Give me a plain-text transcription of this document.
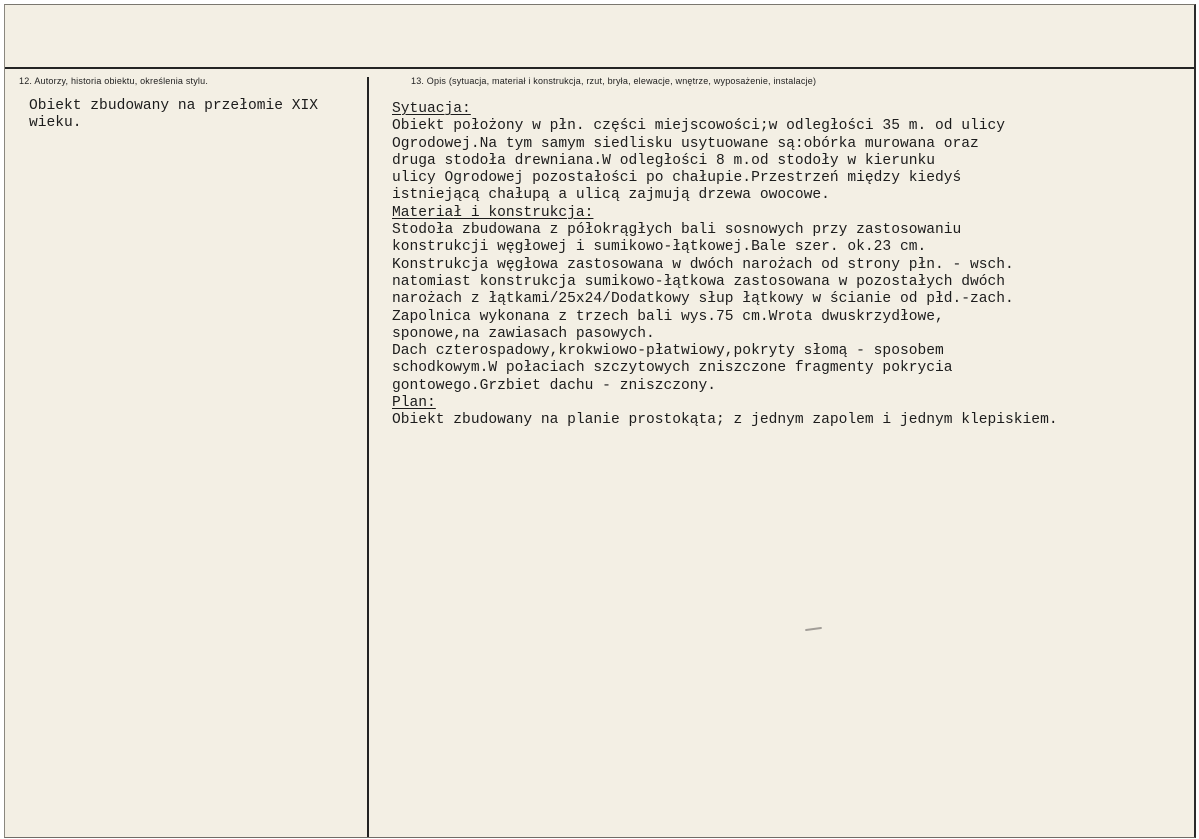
12. Autorzy, historia obiektu, określenia stylu.	13. Opis (sytuacja, materiał i konstrukcja, rzut, bryła, elewacje, wnętrze, wyposażenie, instalacje)
Obiekt zbudowany na przełomie XIX
wieku.
Sytuacja:
Obiekt położony w płn. części miejscowości;w odległości 35 m. od ulicy
Ogrodowej.Na tym samym siedlisku usytuowane są:obórka murowana oraz
druga stodoła drewniana.W odległości 8 m.od stodoły w kierunku
ulicy Ogrodowej pozostałości po chałupie.Przestrzeń między kiedyś
istniejącą chałupą a ulicą zajmują drzewa owocowe.
Materiał i konstrukcja:
Stodoła zbudowana z półokrągłych bali sosnowych przy zastosowaniu
konstrukcji węgłowej i sumikowo-łątkowej.Bale szer. ok.23 cm.
Konstrukcja węgłowa zastosowana w dwóch narożach od strony płn. - wsch.
natomiast konstrukcja sumikowo-łątkowa zastosowana w pozostałych dwóch
narożach z łątkami/25x24/Dodatkowy słup łątkowy w ścianie od płd.-zach.
Zapolnica wykonana z trzech bali wys.75 cm.Wrota dwuskrzydłowe,
sponowe,na zawiasach pasowych.
Dach czterospadowy,krokwiowo-płatwiowy,pokryty słomą - sposobem
schodkowym.W połaciach szczytowych zniszczone fragmenty pokrycia
gontowego.Grzbiet dachu - zniszczony.
Plan:
Obiekt zbudowany na planie prostokąta; z jednym zapolem i jednym klepiskiem.
